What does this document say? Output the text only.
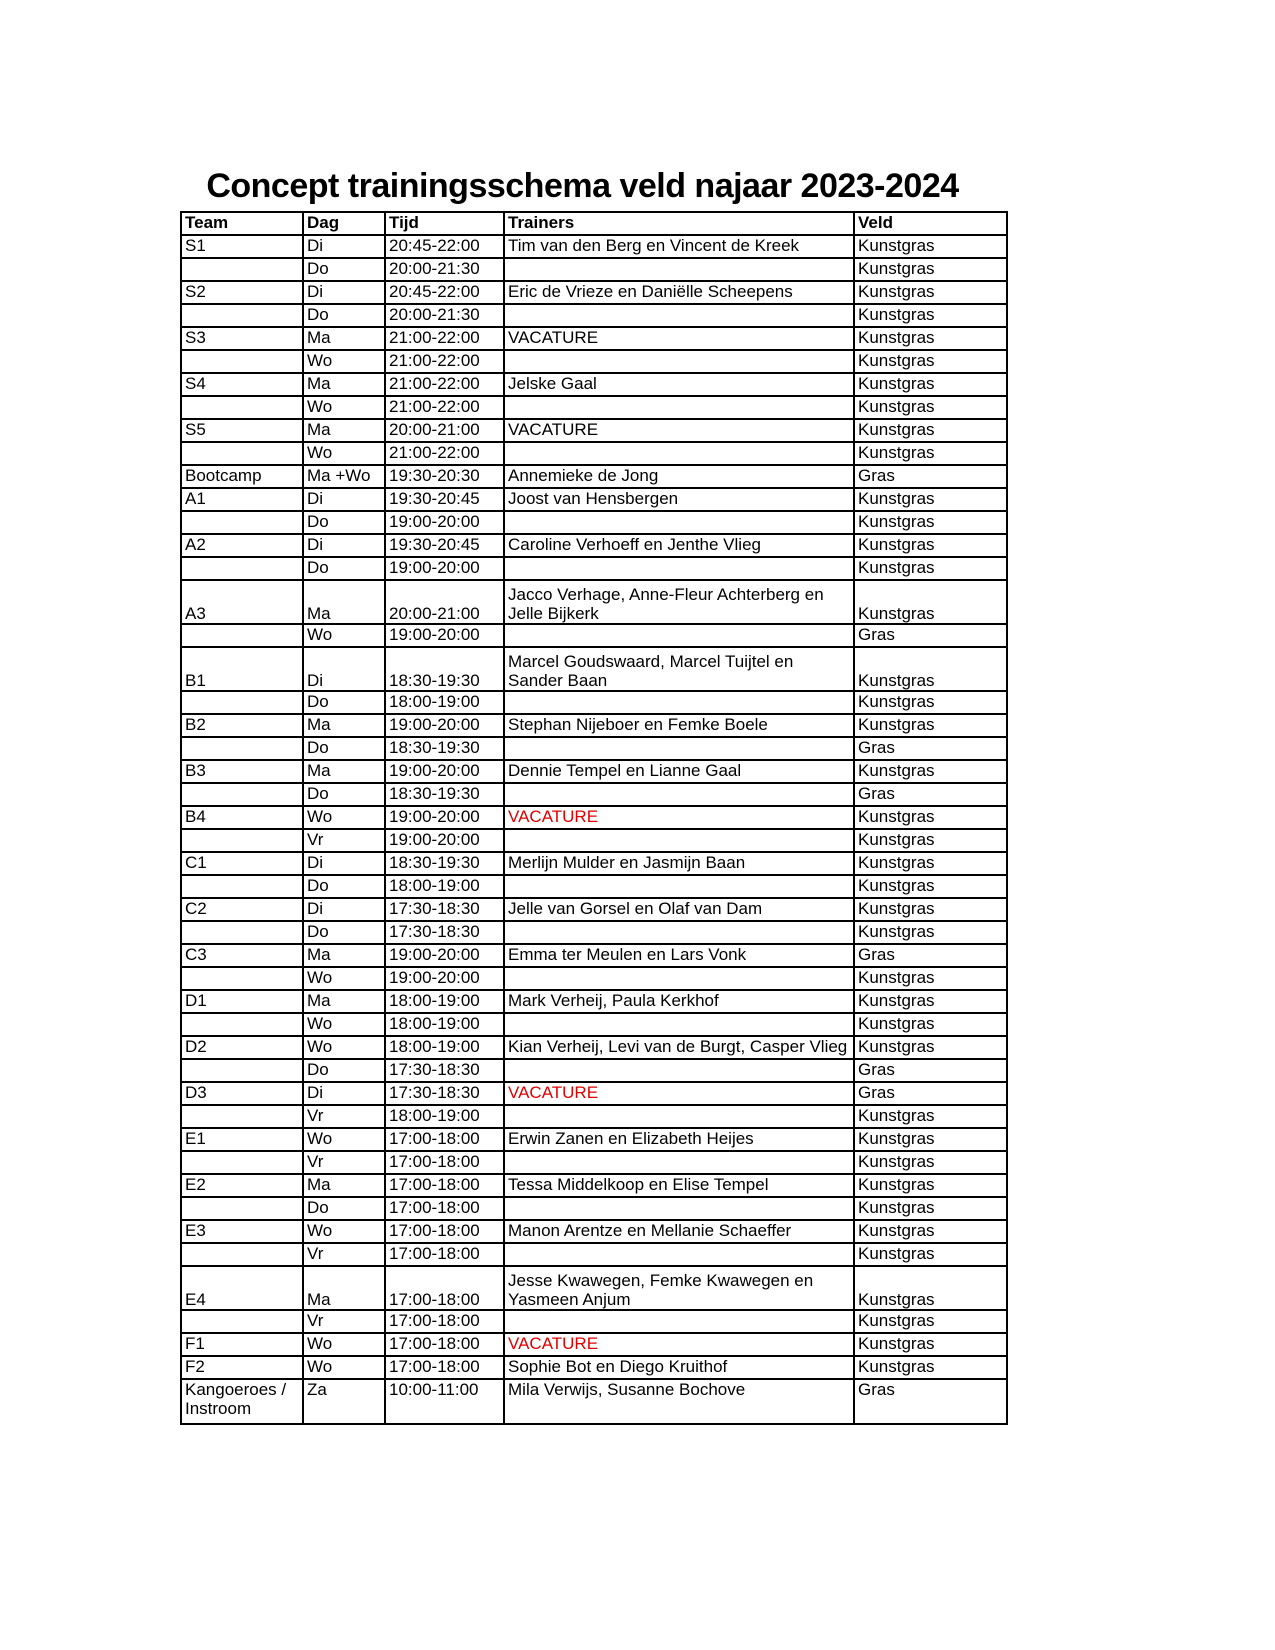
Concept trainingsschema veld najaar 2023-2024
Team	Dag	Tijd	Trainers	Veld
S1	Di	20:45-22:00	Tim van den Berg en Vincent de Kreek	Kunstgras
	Do	20:00-21:30		Kunstgras
S2	Di	20:45-22:00	Eric de Vrieze en Daniëlle Scheepens	Kunstgras
	Do	20:00-21:30		Kunstgras
S3	Ma	21:00-22:00	VACATURE	Kunstgras
	Wo	21:00-22:00		Kunstgras
S4	Ma	21:00-22:00	Jelske Gaal	Kunstgras
	Wo	21:00-22:00		Kunstgras
S5	Ma	20:00-21:00	VACATURE	Kunstgras
	Wo	21:00-22:00		Kunstgras
Bootcamp	Ma +Wo	19:30-20:30	Annemieke de Jong	Gras
A1	Di	19:30-20:45	Joost van Hensbergen	Kunstgras
	Do	19:00-20:00		Kunstgras
A2	Di	19:30-20:45	Caroline Verhoeff en Jenthe Vlieg	Kunstgras
	Do	19:00-20:00		Kunstgras
A3	Ma	20:00-21:00	Jacco Verhage, Anne-Fleur Achterberg en Jelle Bijkerk	Kunstgras
	Wo	19:00-20:00		Gras
B1	Di	18:30-19:30	Marcel Goudswaard, Marcel Tuijtel en Sander Baan	Kunstgras
	Do	18:00-19:00		Kunstgras
B2	Ma	19:00-20:00	Stephan Nijeboer en Femke Boele	Kunstgras
	Do	18:30-19:30		Gras
B3	Ma	19:00-20:00	Dennie Tempel en Lianne Gaal	Kunstgras
	Do	18:30-19:30		Gras
B4	Wo	19:00-20:00	VACATURE	Kunstgras
	Vr	19:00-20:00		Kunstgras
C1	Di	18:30-19:30	Merlijn Mulder en Jasmijn Baan	Kunstgras
	Do	18:00-19:00		Kunstgras
C2	Di	17:30-18:30	Jelle van Gorsel en Olaf van Dam	Kunstgras
	Do	17:30-18:30		Kunstgras
C3	Ma	19:00-20:00	Emma ter Meulen en Lars Vonk	Gras
	Wo	19:00-20:00		Kunstgras
D1	Ma	18:00-19:00	Mark Verheij, Paula Kerkhof	Kunstgras
	Wo	18:00-19:00		Kunstgras
D2	Wo	18:00-19:00	Kian Verheij, Levi van de Burgt, Casper Vlieg	Kunstgras
	Do	17:30-18:30		Gras
D3	Di	17:30-18:30	VACATURE	Gras
	Vr	18:00-19:00		Kunstgras
E1	Wo	17:00-18:00	Erwin Zanen en Elizabeth Heijes	Kunstgras
	Vr	17:00-18:00		Kunstgras
E2	Ma	17:00-18:00	Tessa Middelkoop en Elise Tempel	Kunstgras
	Do	17:00-18:00		Kunstgras
E3	Wo	17:00-18:00	Manon Arentze en Mellanie Schaeffer	Kunstgras
	Vr	17:00-18:00		Kunstgras
E4	Ma	17:00-18:00	Jesse Kwawegen, Femke Kwawegen en Yasmeen Anjum	Kunstgras
	Vr	17:00-18:00		Kunstgras
F1	Wo	17:00-18:00	VACATURE	Kunstgras
F2	Wo	17:00-18:00	Sophie Bot en Diego Kruithof	Kunstgras
Kangoeroes / Instroom	Za	10:00-11:00	Mila Verwijs, Susanne Bochove	Gras
